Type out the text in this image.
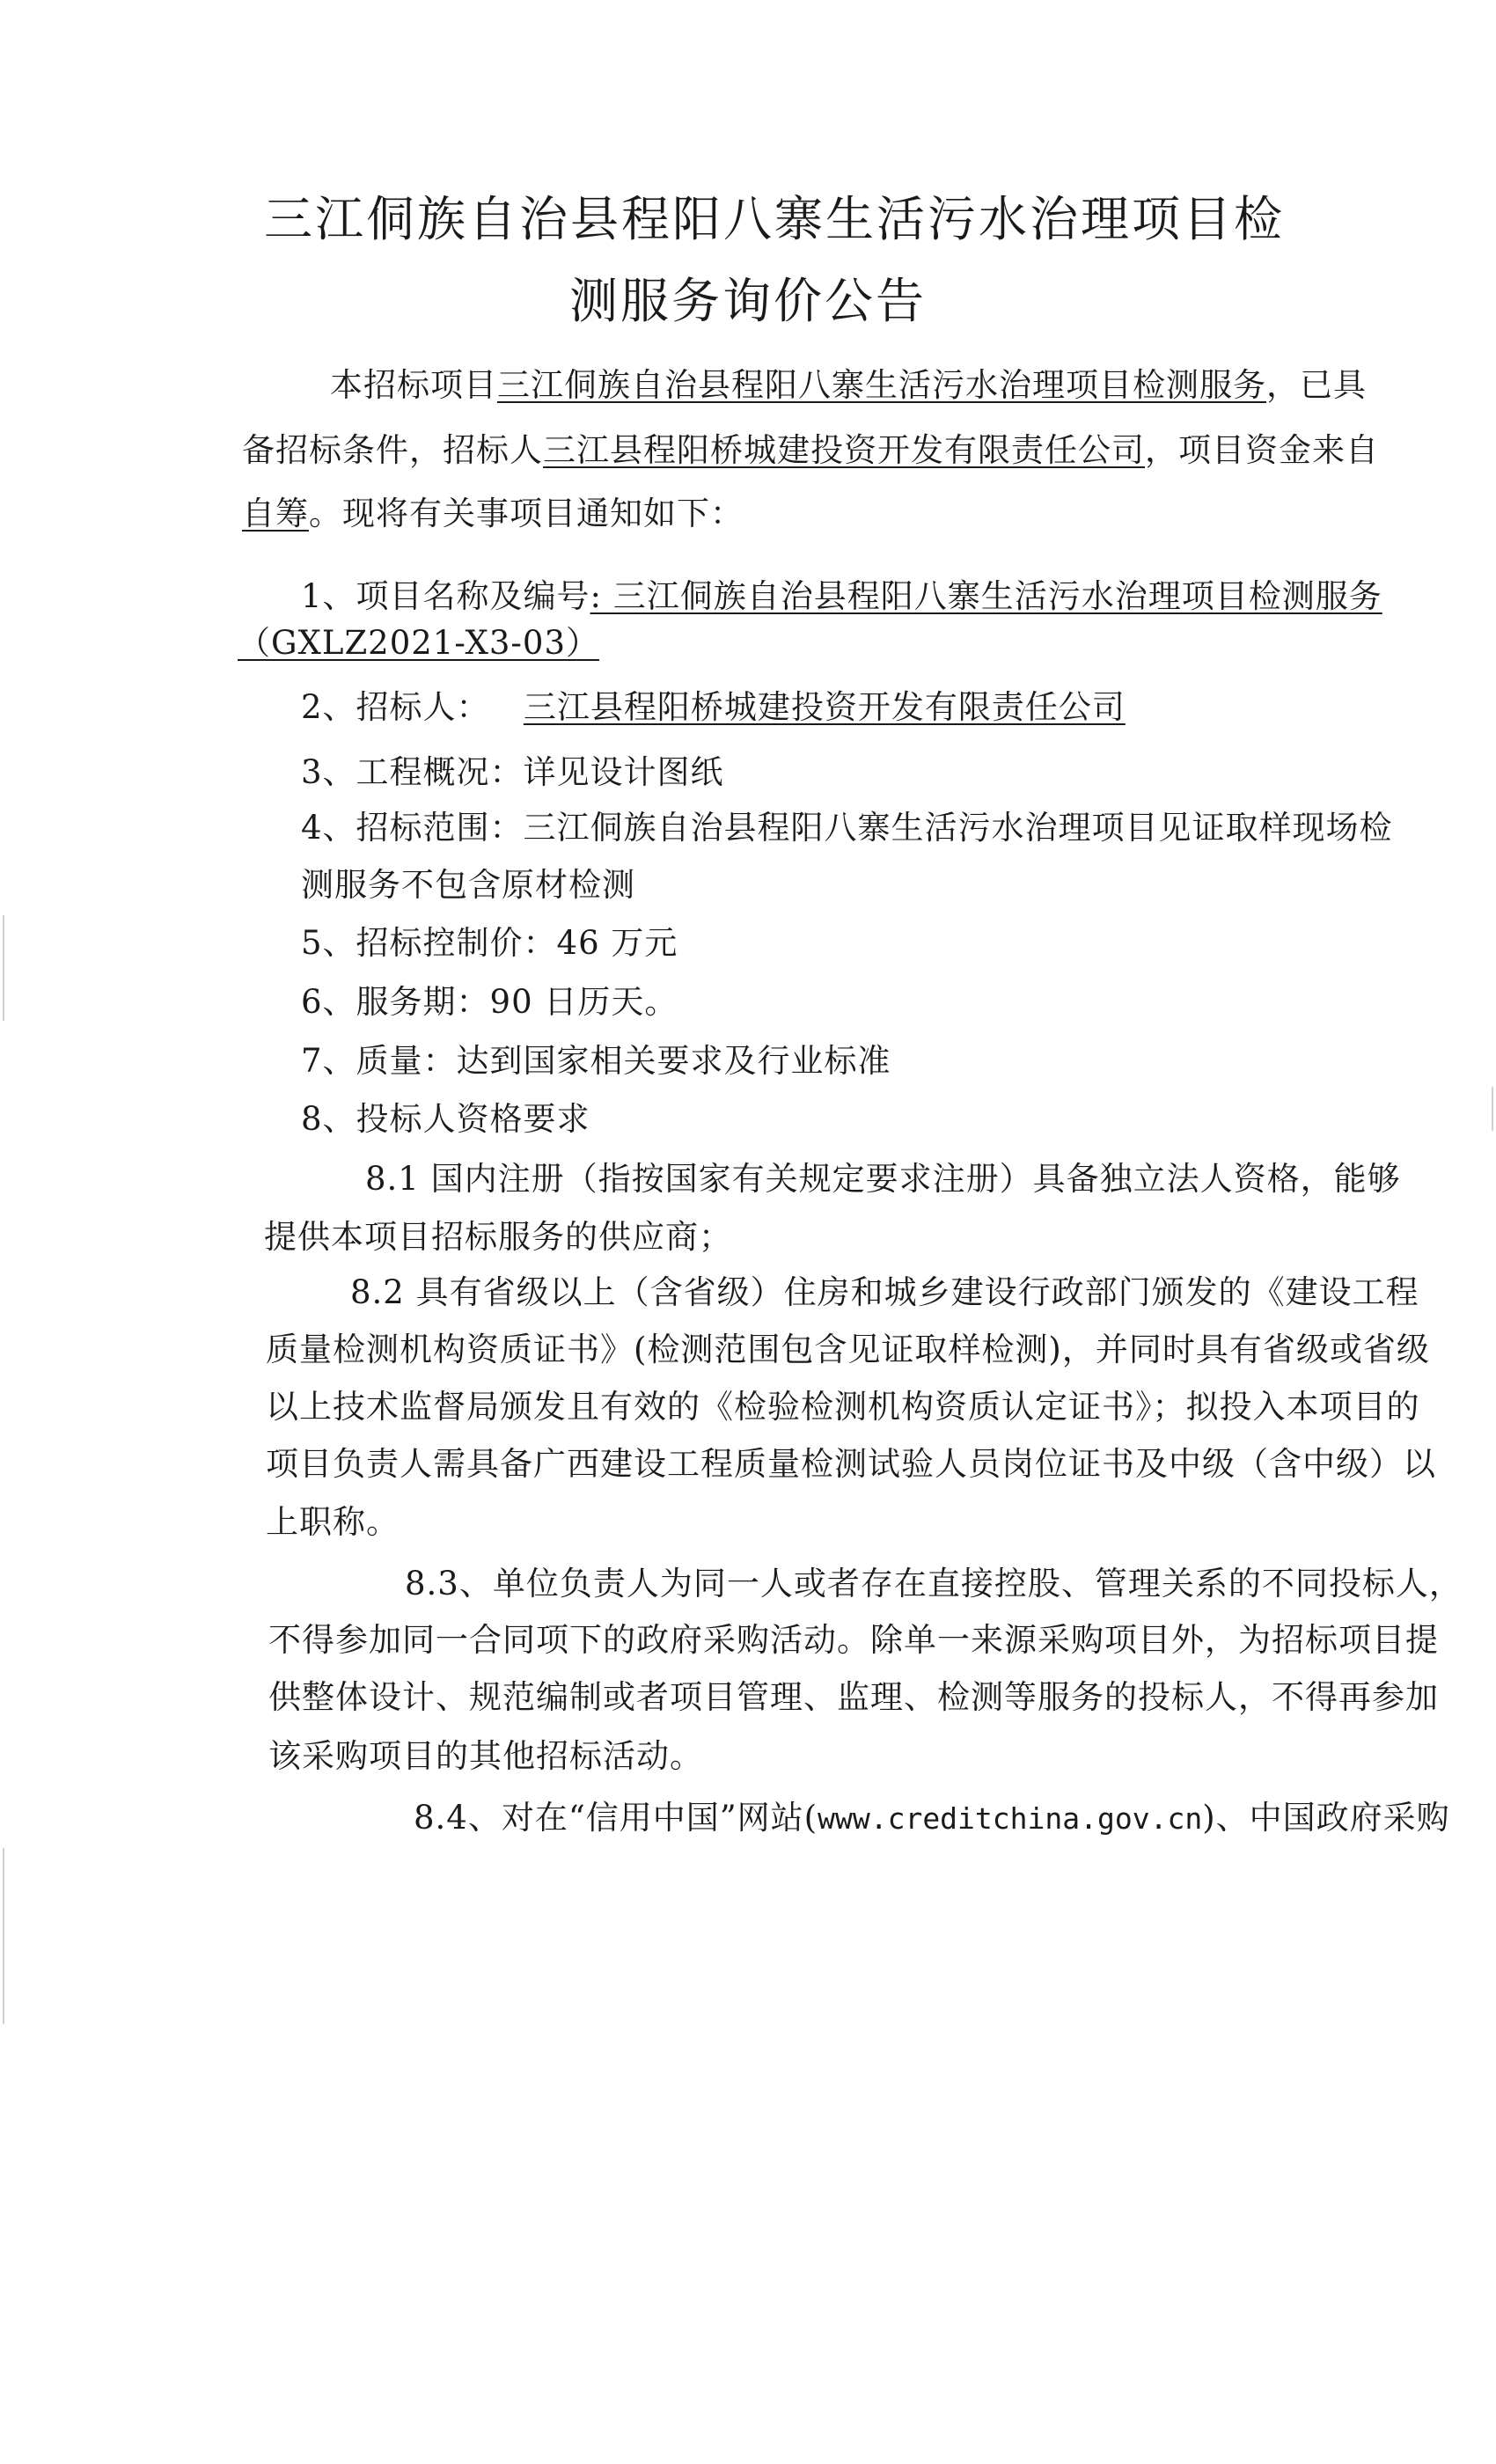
三江侗族自治县程阳八寨生活污水治理项目检
测服务询价公告
本招标项目三江侗族自治县程阳八寨生活污水治理项目检测服务，已具
备招标条件，招标人三江县程阳桥城建投资开发有限责任公司，项目资金来自
自筹。现将有关事项目通知如下：
1、项目名称及编号: 三江侗族自治县程阳八寨生活污水治理项目检测服务
（GXLZ2021-X3-03）
2、招标人： 三江县程阳桥城建投资开发有限责任公司
3、工程概况：详见设计图纸
4、招标范围：三江侗族自治县程阳八寨生活污水治理项目见证取样现场检
测服务不包含原材检测
5、招标控制价：46 万元
6、服务期：90 日历天。
7、质量：达到国家相关要求及行业标准
8、投标人资格要求
8.1 国内注册（指按国家有关规定要求注册）具备独立法人资格，能够
提供本项目招标服务的供应商；
8.2 具有省级以上（含省级）住房和城乡建设行政部门颁发的《建设工程
质量检测机构资质证书》(检测范围包含见证取样检测)，并同时具有省级或省级
以上技术监督局颁发且有效的《检验检测机构资质认定证书》；拟投入本项目的
项目负责人需具备广西建设工程质量检测试验人员岗位证书及中级（含中级）以
上职称。
8.3、单位负责人为同一人或者存在直接控股、管理关系的不同投标人，
不得参加同一合同项下的政府采购活动。除单一来源采购项目外，为招标项目提
供整体设计、规范编制或者项目管理、监理、检测等服务的投标人，不得再参加
该采购项目的其他招标活动。
8.4、对在“信用中国”网站(www.creditchina.gov.cn)、中国政府采购
